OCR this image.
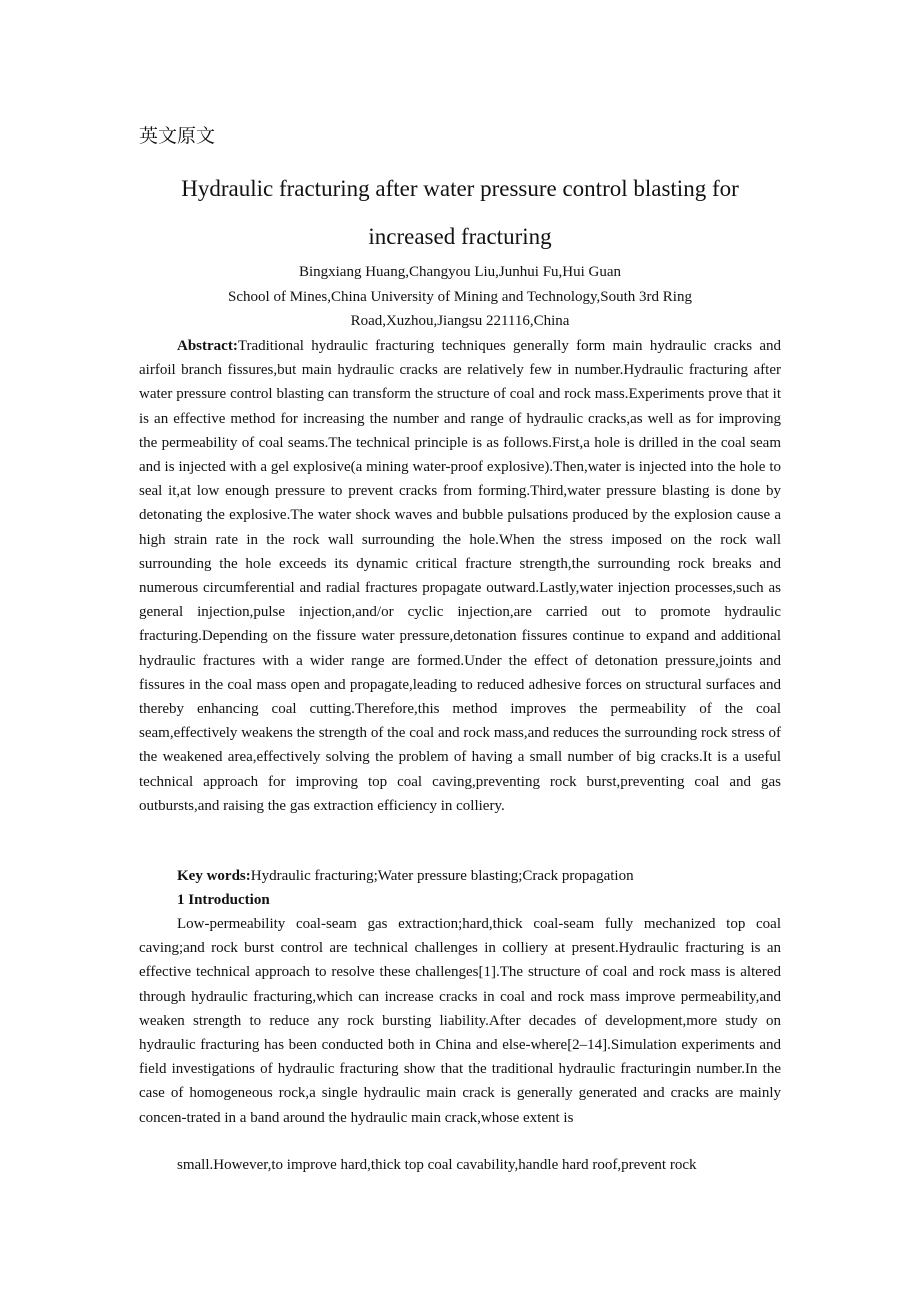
英文原文
Hydraulic fracturing after water pressure control blasting for
increased fracturing
Bingxiang Huang,Changyou Liu,Junhui Fu,Hui Guan
School of Mines,China University of Mining and Technology,South 3rd Ring
Road,Xuzhou,Jiangsu 221116,China

Abstract:Traditional hydraulic fracturing techniques generally form main hydraulic cracks and airfoil branch fissures,but main hydraulic cracks are relatively few in number.Hydraulic fracturing after water pressure control blasting can transform the structure of coal and rock mass.Experiments prove that it is an effective method for increasing the number and range of hydraulic cracks,as well as for improving the permeability of coal seams.The technical principle is as follows.First,a hole is drilled in the coal seam and is injected with a gel explosive(a mining water-proof explosive).Then,water is injected into the hole to seal it,at low enough pressure to prevent cracks from forming.Third,water pressure blasting is done by detonating the explosive.The water shock waves and bubble pulsations produced by the explosion cause a high strain rate in the rock wall surrounding the hole.When the stress imposed on the rock wall surrounding the hole exceeds its dynamic critical fracture strength,the surrounding rock breaks and numerous circumferential and radial fractures propagate outward.Lastly,water injection processes,such as general injection,pulse injection,and/or cyclic injection,are carried out to promote hydraulic fracturing.Depending on the fissure water pressure,detonation fissures continue to expand and additional hydraulic fractures with a wider range are formed.Under the effect of detonation pressure,joints and fissures in the coal mass open and propagate,leading to reduced adhesive forces on structural surfaces and thereby enhancing coal cutting.Therefore,this method improves the permeability of the coal seam,effectively weakens the strength of the coal and rock mass,and reduces the surrounding rock stress of the weakened area,effectively solving the problem of having a small number of big cracks.It is a useful technical approach for improving top coal caving,preventing rock burst,preventing coal and gas outbursts,and raising the gas extraction efficiency in colliery.

Key words:Hydraulic fracturing;Water pressure blasting;Crack propagation

1 Introduction

Low-permeability coal-seam gas extraction;hard,thick coal-seam fully mechanized top coal caving;and rock burst control are technical challenges in colliery at present.Hydraulic fracturing is an effective technical approach to resolve these challenges[1].The structure of coal and rock mass is altered through hydraulic fracturing,which can increase cracks in coal and rock mass improve permeability,and weaken strength to reduce any rock bursting liability.After decades of development,more study on hydraulic fracturing has been conducted both in China and else-where[2–14].Simulation experiments and field investigations of hydraulic fracturing show that the traditional hydraulic fracturingin number.In the case of homogeneous rock,a single hydraulic main crack is generally generated and cracks are mainly concen-trated in a band around the hydraulic main crack,whose extent is

small.However,to improve hard,thick top coal cavability,handle hard roof,prevent rock
